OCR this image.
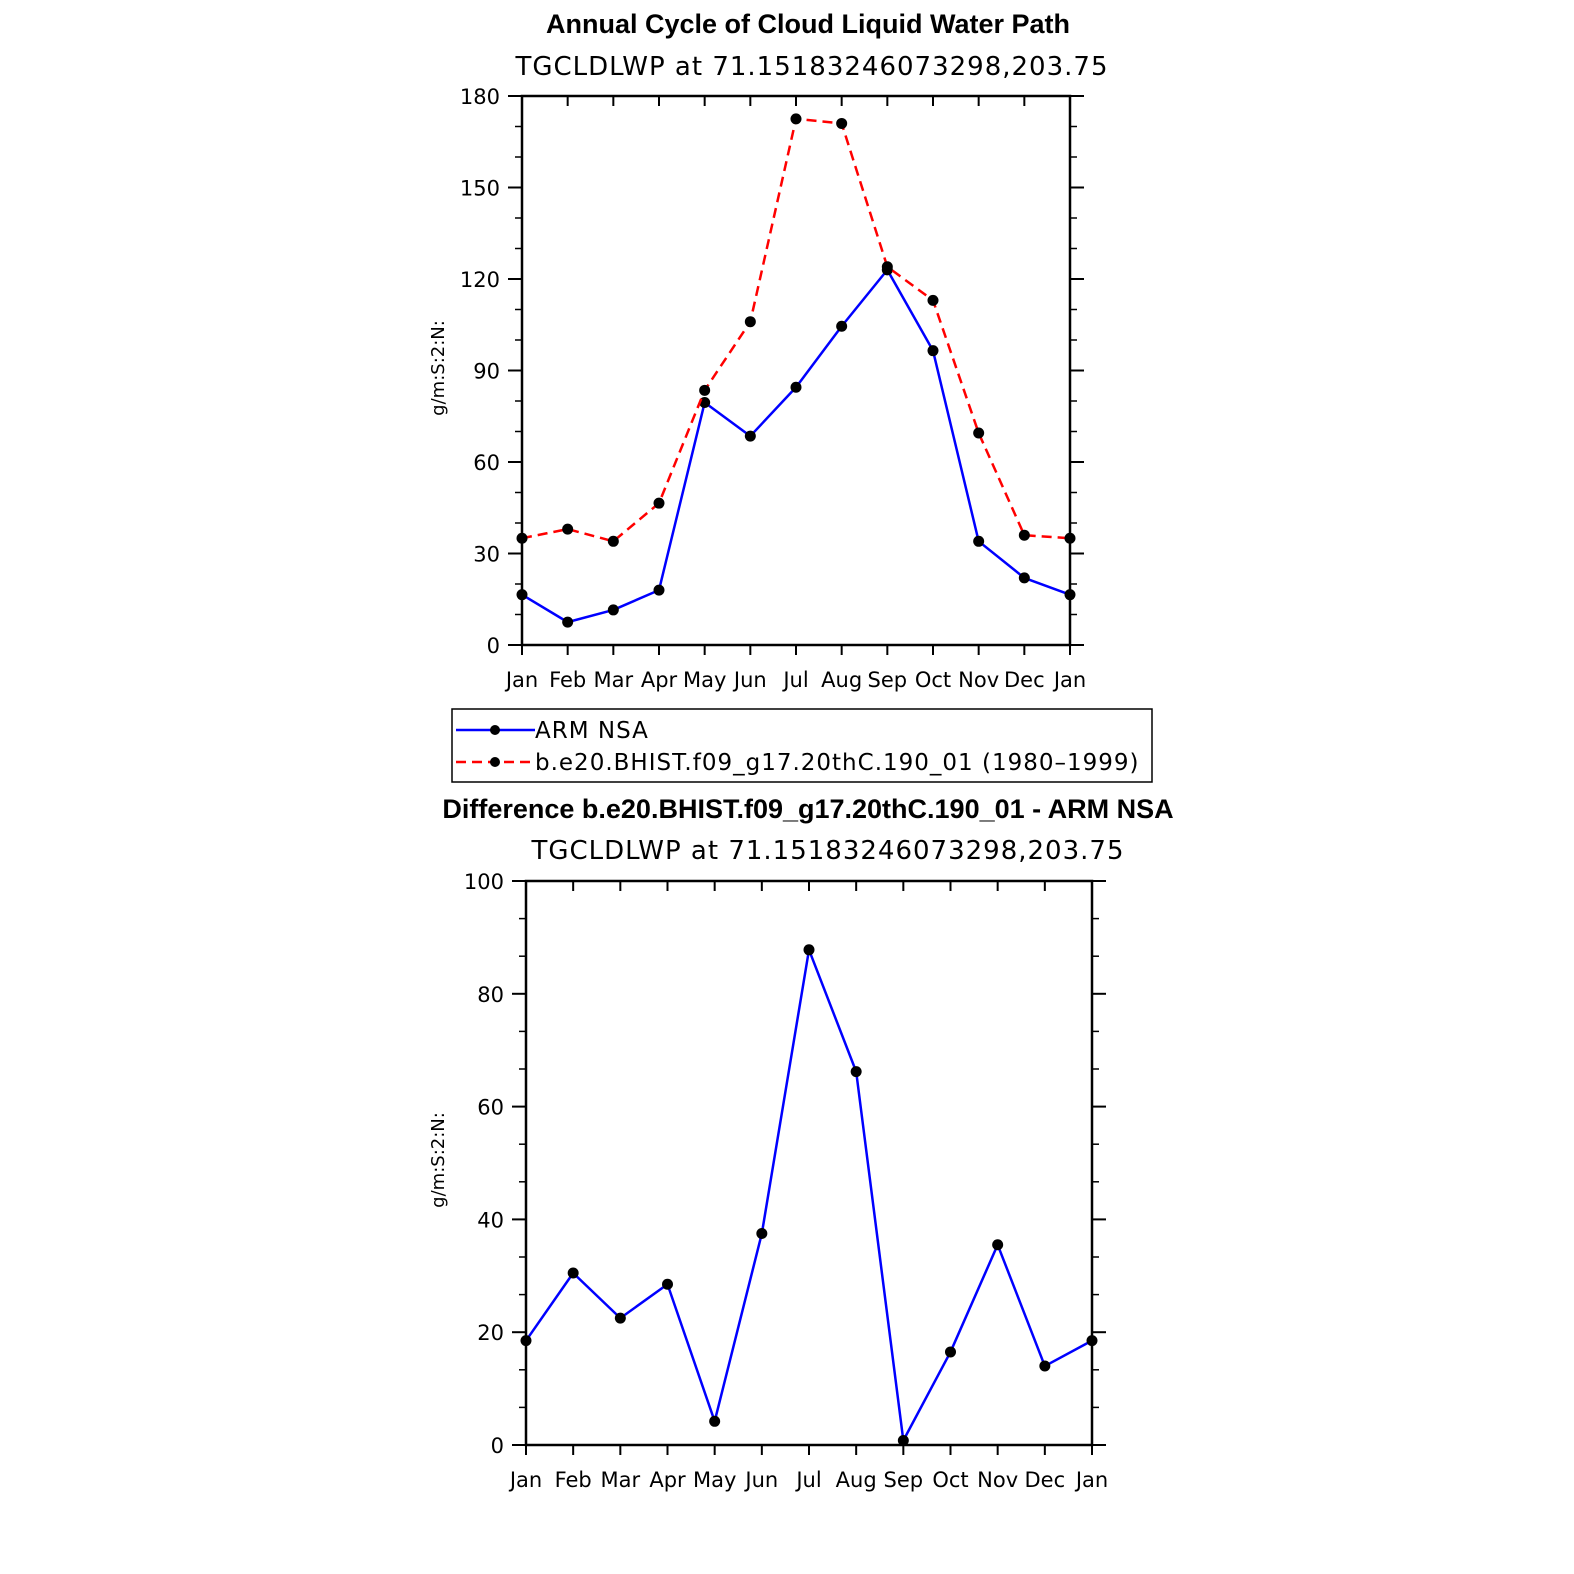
Annual Cycle of Cloud Liquid Water Path
TGCLDLWP at 71.15183246073298,203.75
g/m:S:2:N:
Jan Feb Mar Apr May Jun Jul Aug Sep Oct Nov Dec Jan
0
30
60
90
120
150
180
ARM NSA
b.e20.BHIST.f09_g17.20thC.190_01 (1980–1999)
Difference b.e20.BHIST.f09_g17.20thC.190_01 - ARM NSA
TGCLDLWP at 71.15183246073298,203.75
g/m:S:2:N:
Jan Feb Mar Apr May Jun Jul Aug Sep Oct Nov Dec Jan
0
20
40
60
80
100
